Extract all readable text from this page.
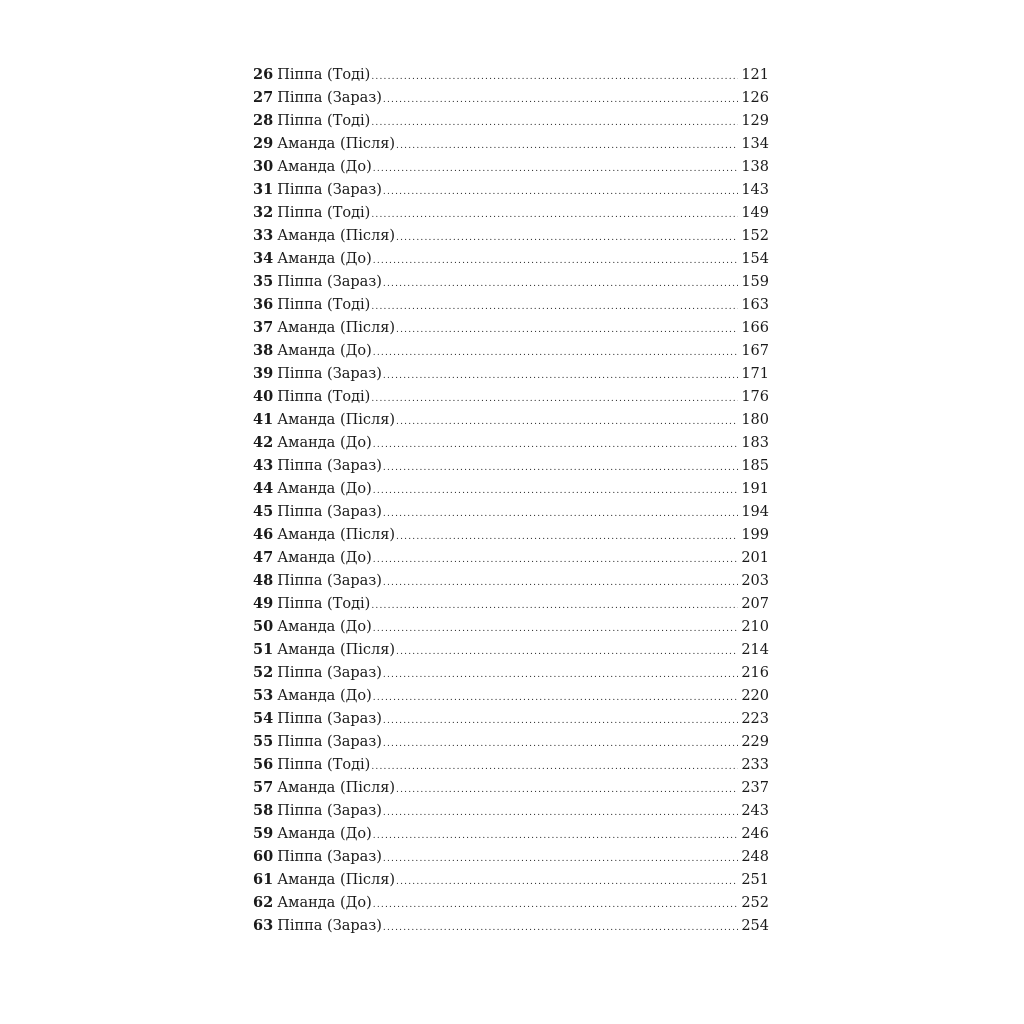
26 Піппа (Тоді) .....	121
27 Піппа (Зараз) .....	126
28 Піппа (Тоді) .....	129
29 Аманда (Після) .....	134
30 Аманда (До) .....	138
31 Піппа (Зараз) .....	143
32 Піппа (Тоді) .....	149
33 Аманда (Після) .....	152
34 Аманда (До) .....	154
35 Піппа (Зараз) .....	159
36 Піппа (Тоді) .....	163
37 Аманда (Після) .....	166
38 Аманда (До) .....	167
39 Піппа (Зараз) .....	171
40 Піппа (Тоді) .....	176
41 Аманда (Після) .....	180
42 Аманда (До) .....	183
43 Піппа (Зараз) .....	185
44 Аманда (До) .....	191
45 Піппа (Зараз) .....	194
46 Аманда (Після) .....	199
47 Аманда (До) .....	201
48 Піппа (Зараз) .....	203
49 Піппа (Тоді) .....	207
50 Аманда (До) .....	210
51 Аманда (Після) .....	214
52 Піппа (Зараз) .....	216
53 Аманда (До) .....	220
54 Піппа (Зараз) .....	223
55 Піппа (Зараз) .....	229
56 Піппа (Тоді) .....	233
57 Аманда (Після) .....	237
58 Піппа (Зараз) .....	243
59 Аманда (До) .....	246
60 Піппа (Зараз) .....	248
61 Аманда (Після) .....	251
62 Аманда (До) .....	252
63 Піппа (Зараз) .....	254
